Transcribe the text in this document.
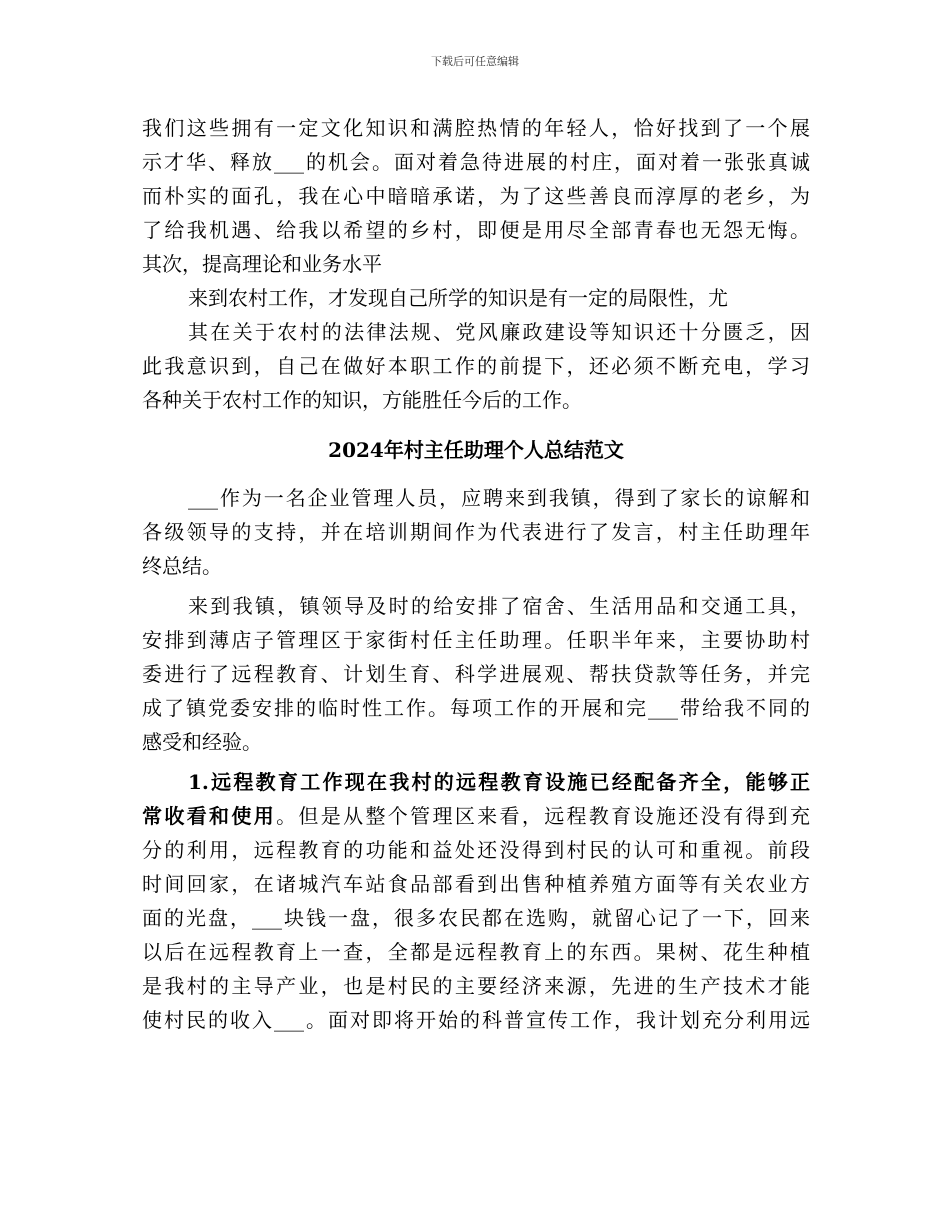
下载后可任意编辑
我们这些拥有一定文化知识和满腔热情的年轻人，恰好找到了一个展
示才华、释放___的机会。面对着急待进展的村庄，面对着一张张真诚
而朴实的面孔，我在心中暗暗承诺，为了这些善良而淳厚的老乡，为
了给我机遇、给我以希望的乡村，即便是用尽全部青春也无怨无悔。
其次，提高理论和业务水平
来到农村工作，才发现自己所学的知识是有一定的局限性，尤
其在关于农村的法律法规、党风廉政建设等知识还十分匮乏，因
此我意识到，自己在做好本职工作的前提下，还必须不断充电，学习
各种关于农村工作的知识，方能胜任今后的工作。
2024年村主任助理个人总结范文
___作为一名企业管理人员，应聘来到我镇，得到了家长的谅解和
各级领导的支持，并在培训期间作为代表进行了发言，村主任助理年
终总结。
来到我镇，镇领导及时的给安排了宿舍、生活用品和交通工具，
安排到薄店子管理区于家街村任主任助理。任职半年来，主要协助村
委进行了远程教育、计划生育、科学进展观、帮扶贷款等任务，并完
成了镇党委安排的临时性工作。每项工作的开展和完___带给我不同的
感受和经验。
1.远程教育工作现在我村的远程教育设施已经配备齐全，能够正
常收看和使用。但是从整个管理区来看，远程教育设施还没有得到充
分的利用，远程教育的功能和益处还没得到村民的认可和重视。前段
时间回家，在诸城汽车站食品部看到出售种植养殖方面等有关农业方
面的光盘，___块钱一盘，很多农民都在选购，就留心记了一下，回来
以后在远程教育上一查，全都是远程教育上的东西。果树、花生种植
是我村的主导产业，也是村民的主要经济来源，先进的生产技术才能
使村民的收入___。面对即将开始的科普宣传工作，我计划充分利用远
